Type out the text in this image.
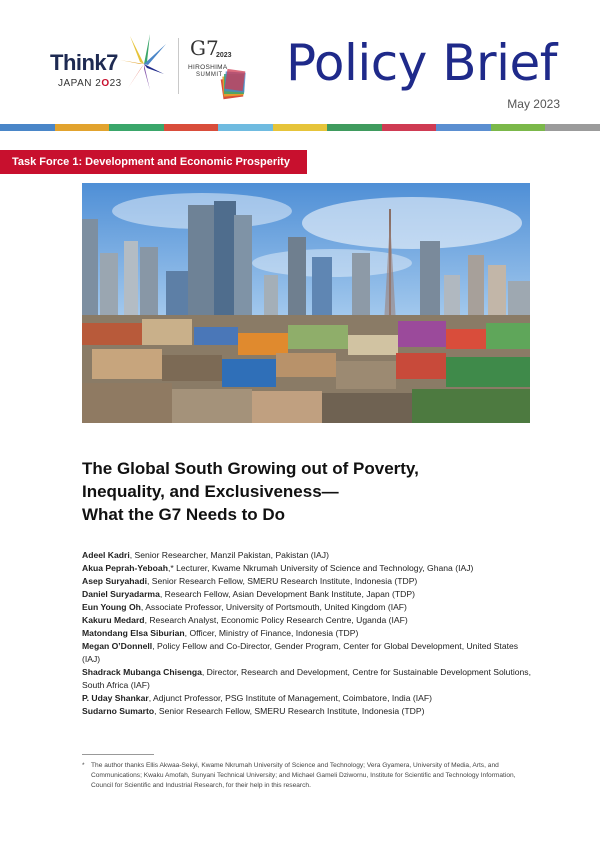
Think7
JAPAN 2O23
G7
2023
HIROSHIMA
SUMMIT Policy Brief
May 2023
Task Force 1: Development and Economic Prosperity
The Global South Growing out of Poverty,
Inequality, and Exclusiveness—
What the G7 Needs to Do
Adeel Kadri, Senior Researcher, Manzil Pakistan, Pakistan (IAJ)
Akua Peprah-Yeboah,* Lecturer, Kwame Nkrumah University of Science and Technology, Ghana (IAJ)
Asep Suryahadi, Senior Research Fellow, SMERU Research Institute, Indonesia (TDP)
Daniel Suryadarma, Research Fellow, Asian Development Bank Institute, Japan (TDP)
Eun Young Oh, Associate Professor, University of Portsmouth, United Kingdom (IAF)
Kakuru Medard, Research Analyst, Economic Policy Research Centre, Uganda (IAF)
Matondang Elsa Siburian, Officer, Ministry of Finance, Indonesia (TDP)
Megan O’Donnell, Policy Fellow and Co-Director, Gender Program, Center for Global Development, United States (IAJ)
Shadrack Mubanga Chisenga, Director, Research and Development, Centre for Sustainable Development Solutions, South Africa (IAF)
P. Uday Shankar, Adjunct Professor, PSG Institute of Management, Coimbatore, India (IAF)
Sudarno Sumarto, Senior Research Fellow, SMERU Research Institute, Indonesia (TDP)
* The author thanks Ellis Akwaa-Sekyi, Kwame Nkrumah University of Science and Technology; Vera Gyamera, University of Media, Arts, and Communications; Kwaku Amofah, Sunyani Technical University; and Michael Gameli Dziwornu, Institute for Scientific and Technology Information, Council for Scientific and Industrial Research, for their help in this research.
